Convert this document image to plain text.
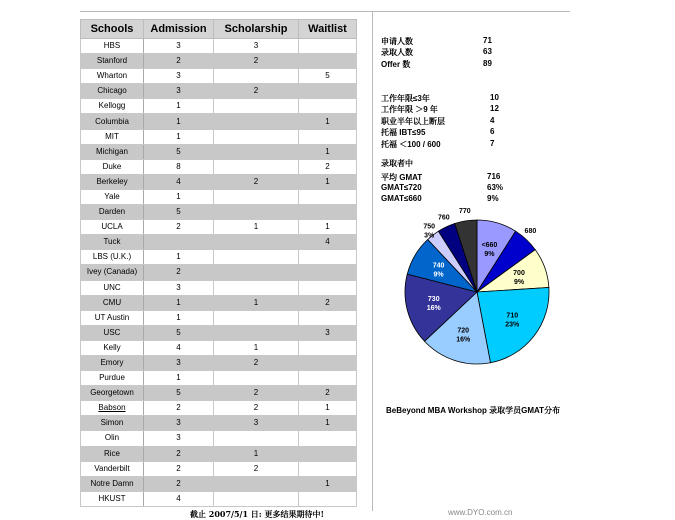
Schools	Admission	Scholarship	Waitlist
HBS	3	3	
Stanford	2	2	
Wharton	3		5
Chicago	3	2	
Kellogg	1		
Columbia	1		1
MIT	1		
Michigan	5		1
Duke	8		2
Berkeley	4	2	1
Yale	1		
Darden	5		
UCLA	2	1	1
Tuck			4
LBS (U.K.)	1		
Ivey (Canada)	2		
UNC	3		
CMU	1	1	2
UT Austin	1		
USC	5		3
Kelly	4	1	
Emory	3	2	
Purdue	1		
Georgetown	5	2	2
Babson	2	2	1
Simon	3	3	1
Olin	3		
Rice	2	1	
Vanderbilt	2	2	
Notre Damn	2		1
HKUST	4		
申请人数	71
录取人数	63
Offer 数	89
工作年限≤3年	10
工作年限 ＞9 年	12
职业半年以上断层	4
托福 IBT≤95	6
托福 ＜100 / 600	7
录取者中
平均 GMAT	716
GMAT≤720	63%
GMAT≤660	9%
<660
9%
680
700
9%
710
23%
720
16%
730
16%
740
9%
750
3%
760
770
BeBeyond MBA Workshop 录取学员GMAT分布
截止 2007/5/1 日: 更多结果期待中!	www.DYO.com.cn
